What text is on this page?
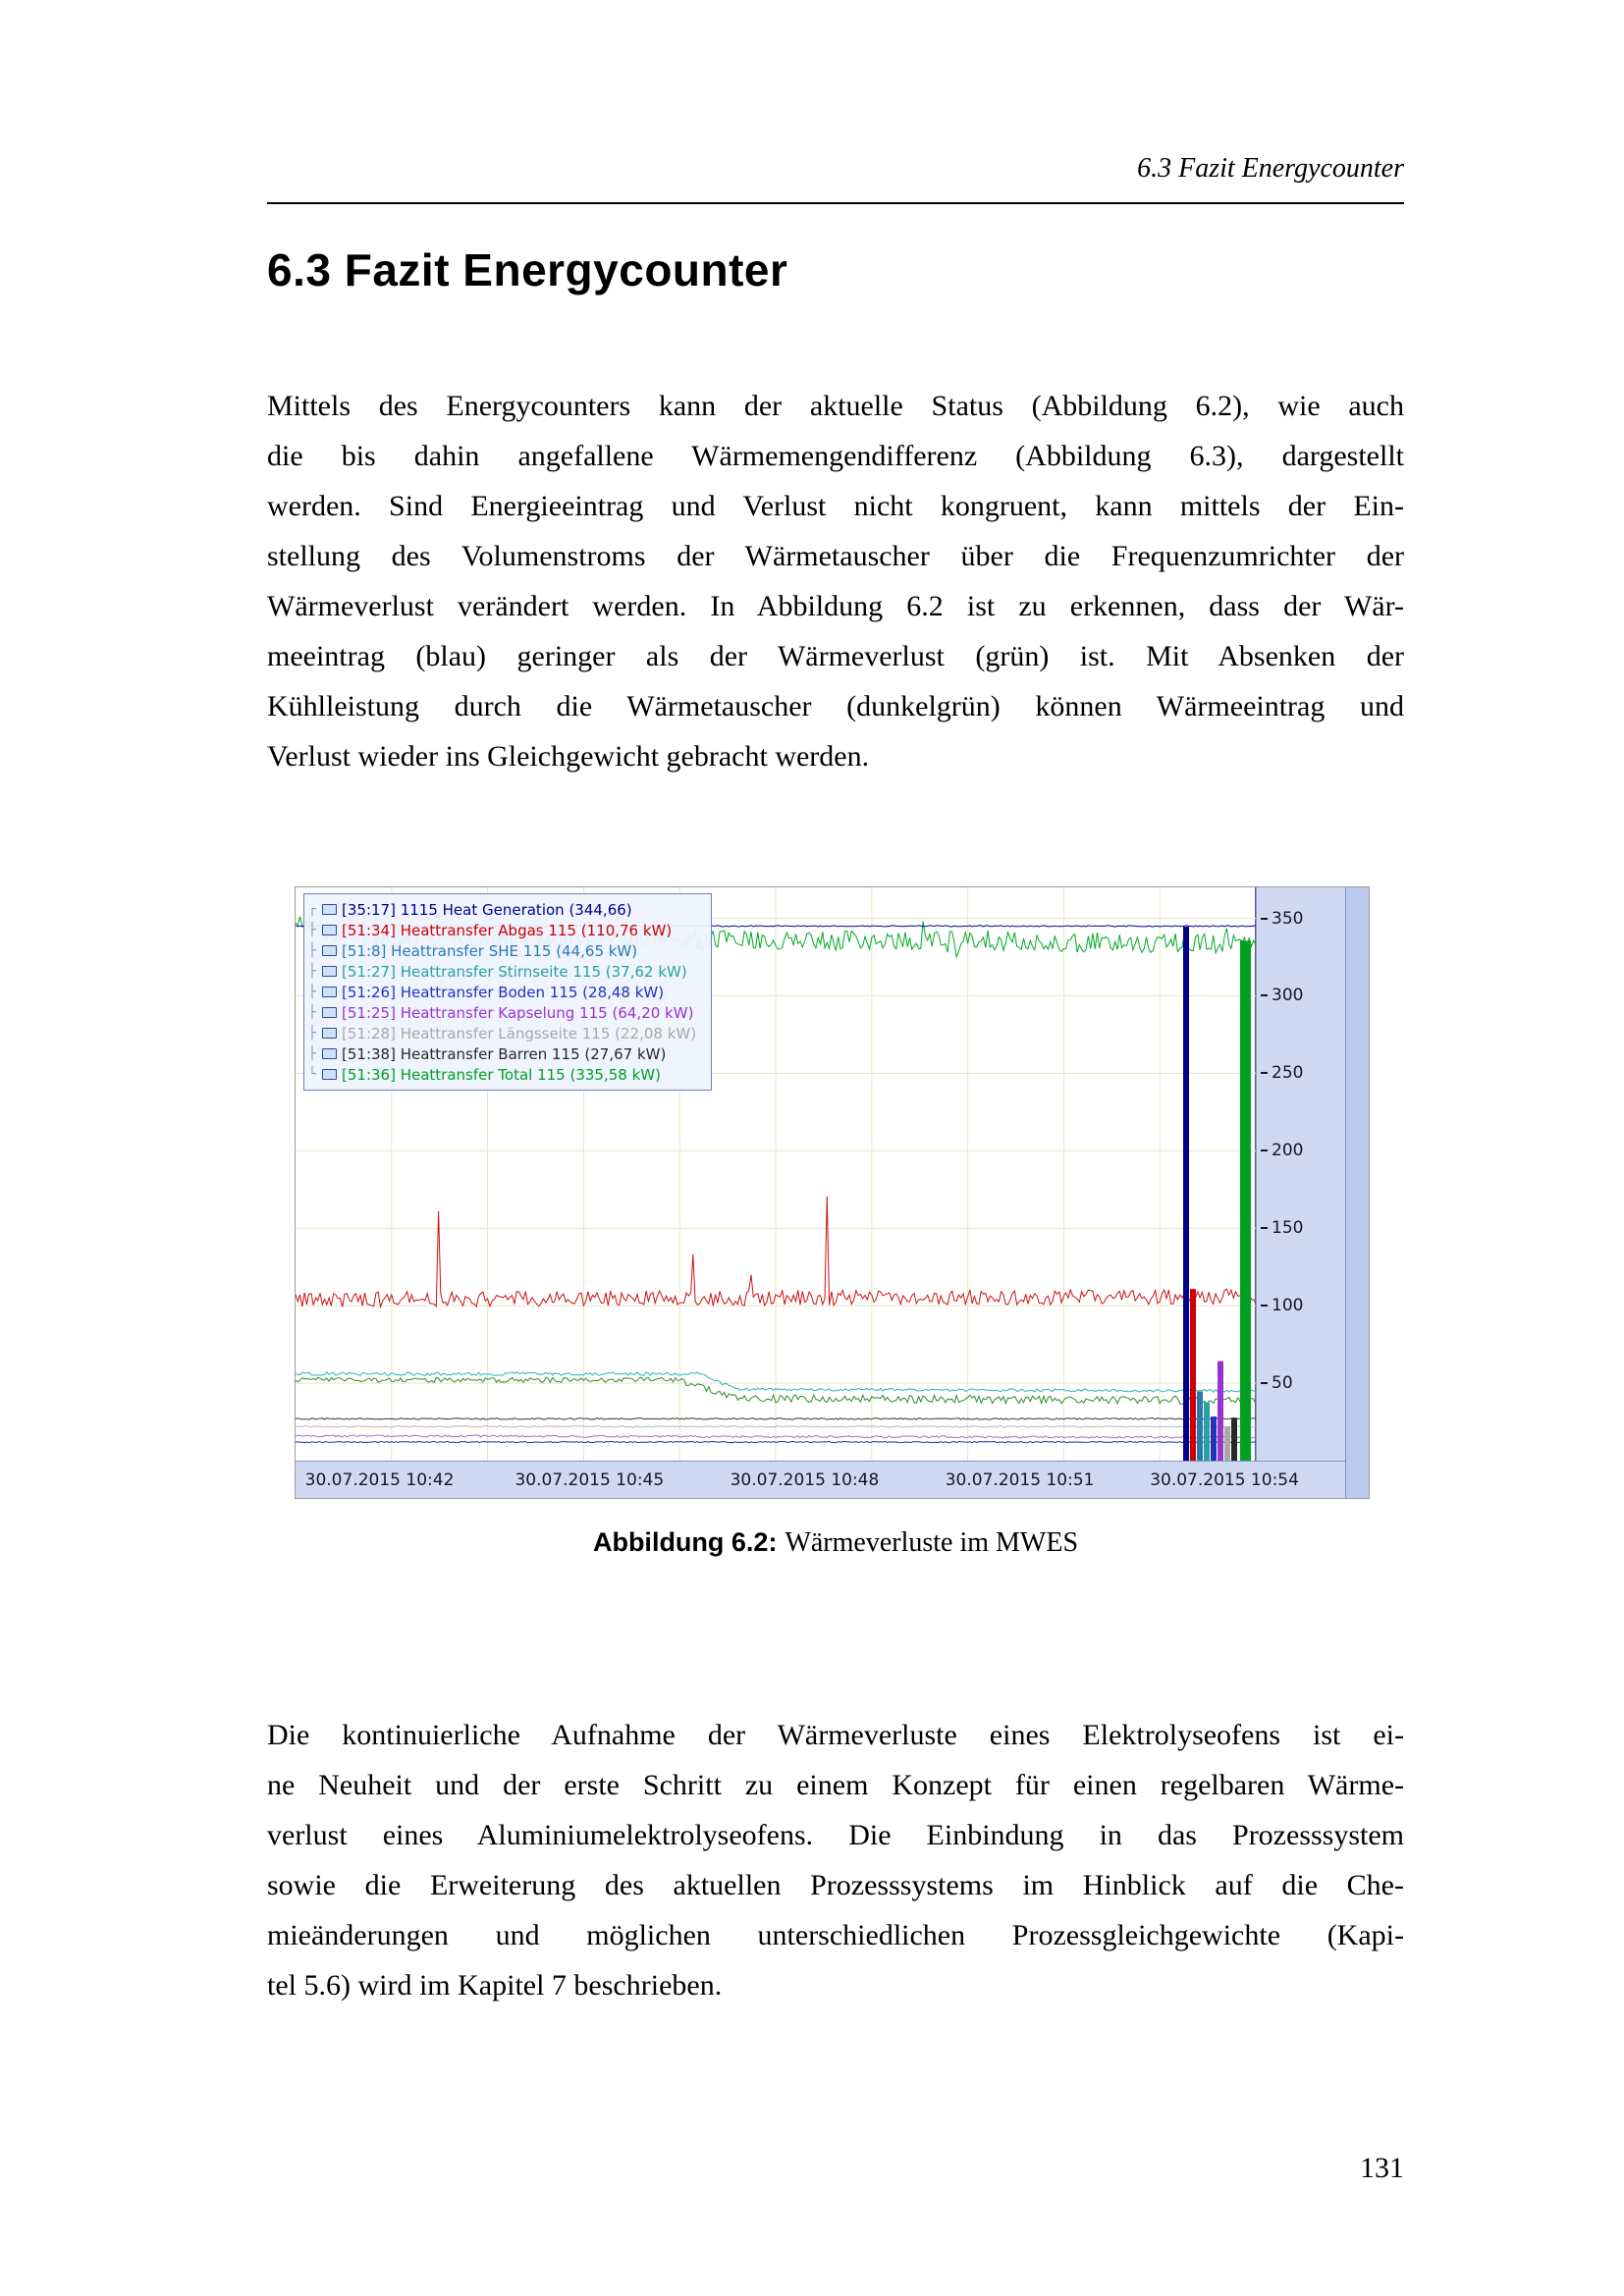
6.3 Fazit Energycounter
6.3 Fazit Energycounter
Mittels des Energycounters kann der aktuelle Status (Abbildung 6.2), wie auch
die bis dahin angefallene Wärmemengendifferenz (Abbildung 6.3), dargestellt
werden. Sind Energieeintrag und Verlust nicht kongruent, kann mittels der Ein-
stellung des Volumenstroms der Wärmetauscher über die Frequenzumrichter der
Wärmeverlust verändert werden. In Abbildung 6.2 ist zu erkennen, dass der Wär-
meeintrag (blau) geringer als der Wärmeverlust (grün) ist. Mit Absenken der
Kühlleistung durch die Wärmetauscher (dunkelgrün) können Wärmeeintrag und
Verlust wieder ins Gleichgewicht gebracht werden.
┌	[35:17] 1115 Heat Generation (344,66)
├	[51:34] Heattransfer Abgas 115 (110,76 kW)
├	[51:8] Heattransfer SHE 115 (44,65 kW)
├	[51:27] Heattransfer Stirnseite 115 (37,62 kW)
├	[51:26] Heattransfer Boden 115 (28,48 kW)
├	[51:25] Heattransfer Kapselung 115 (64,20 kW)
├	[51:28] Heattransfer Längsseite 115 (22,08 kW)
├	[51:38] Heattransfer Barren 115 (27,67 kW)
└	[51:36] Heattransfer Total 115 (335,58 kW)
350
300
250
200
150
100
50
30.07.2015 10:42	30.07.2015 10:45	30.07.2015 10:48	30.07.2015 10:51	30.07.2015 10:54
Abbildung 6.2: Wärmeverluste im MWES
Die kontinuierliche Aufnahme der Wärmeverluste eines Elektrolyseofens ist ei-
ne Neuheit und der erste Schritt zu einem Konzept für einen regelbaren Wärme-
verlust eines Aluminiumelektrolyseofens. Die Einbindung in das Prozesssystem
sowie die Erweiterung des aktuellen Prozesssystems im Hinblick auf die Che-
mieänderungen und möglichen unterschiedlichen Prozessgleichgewichte (Kapi-
tel 5.6) wird im Kapitel 7 beschrieben.
131
